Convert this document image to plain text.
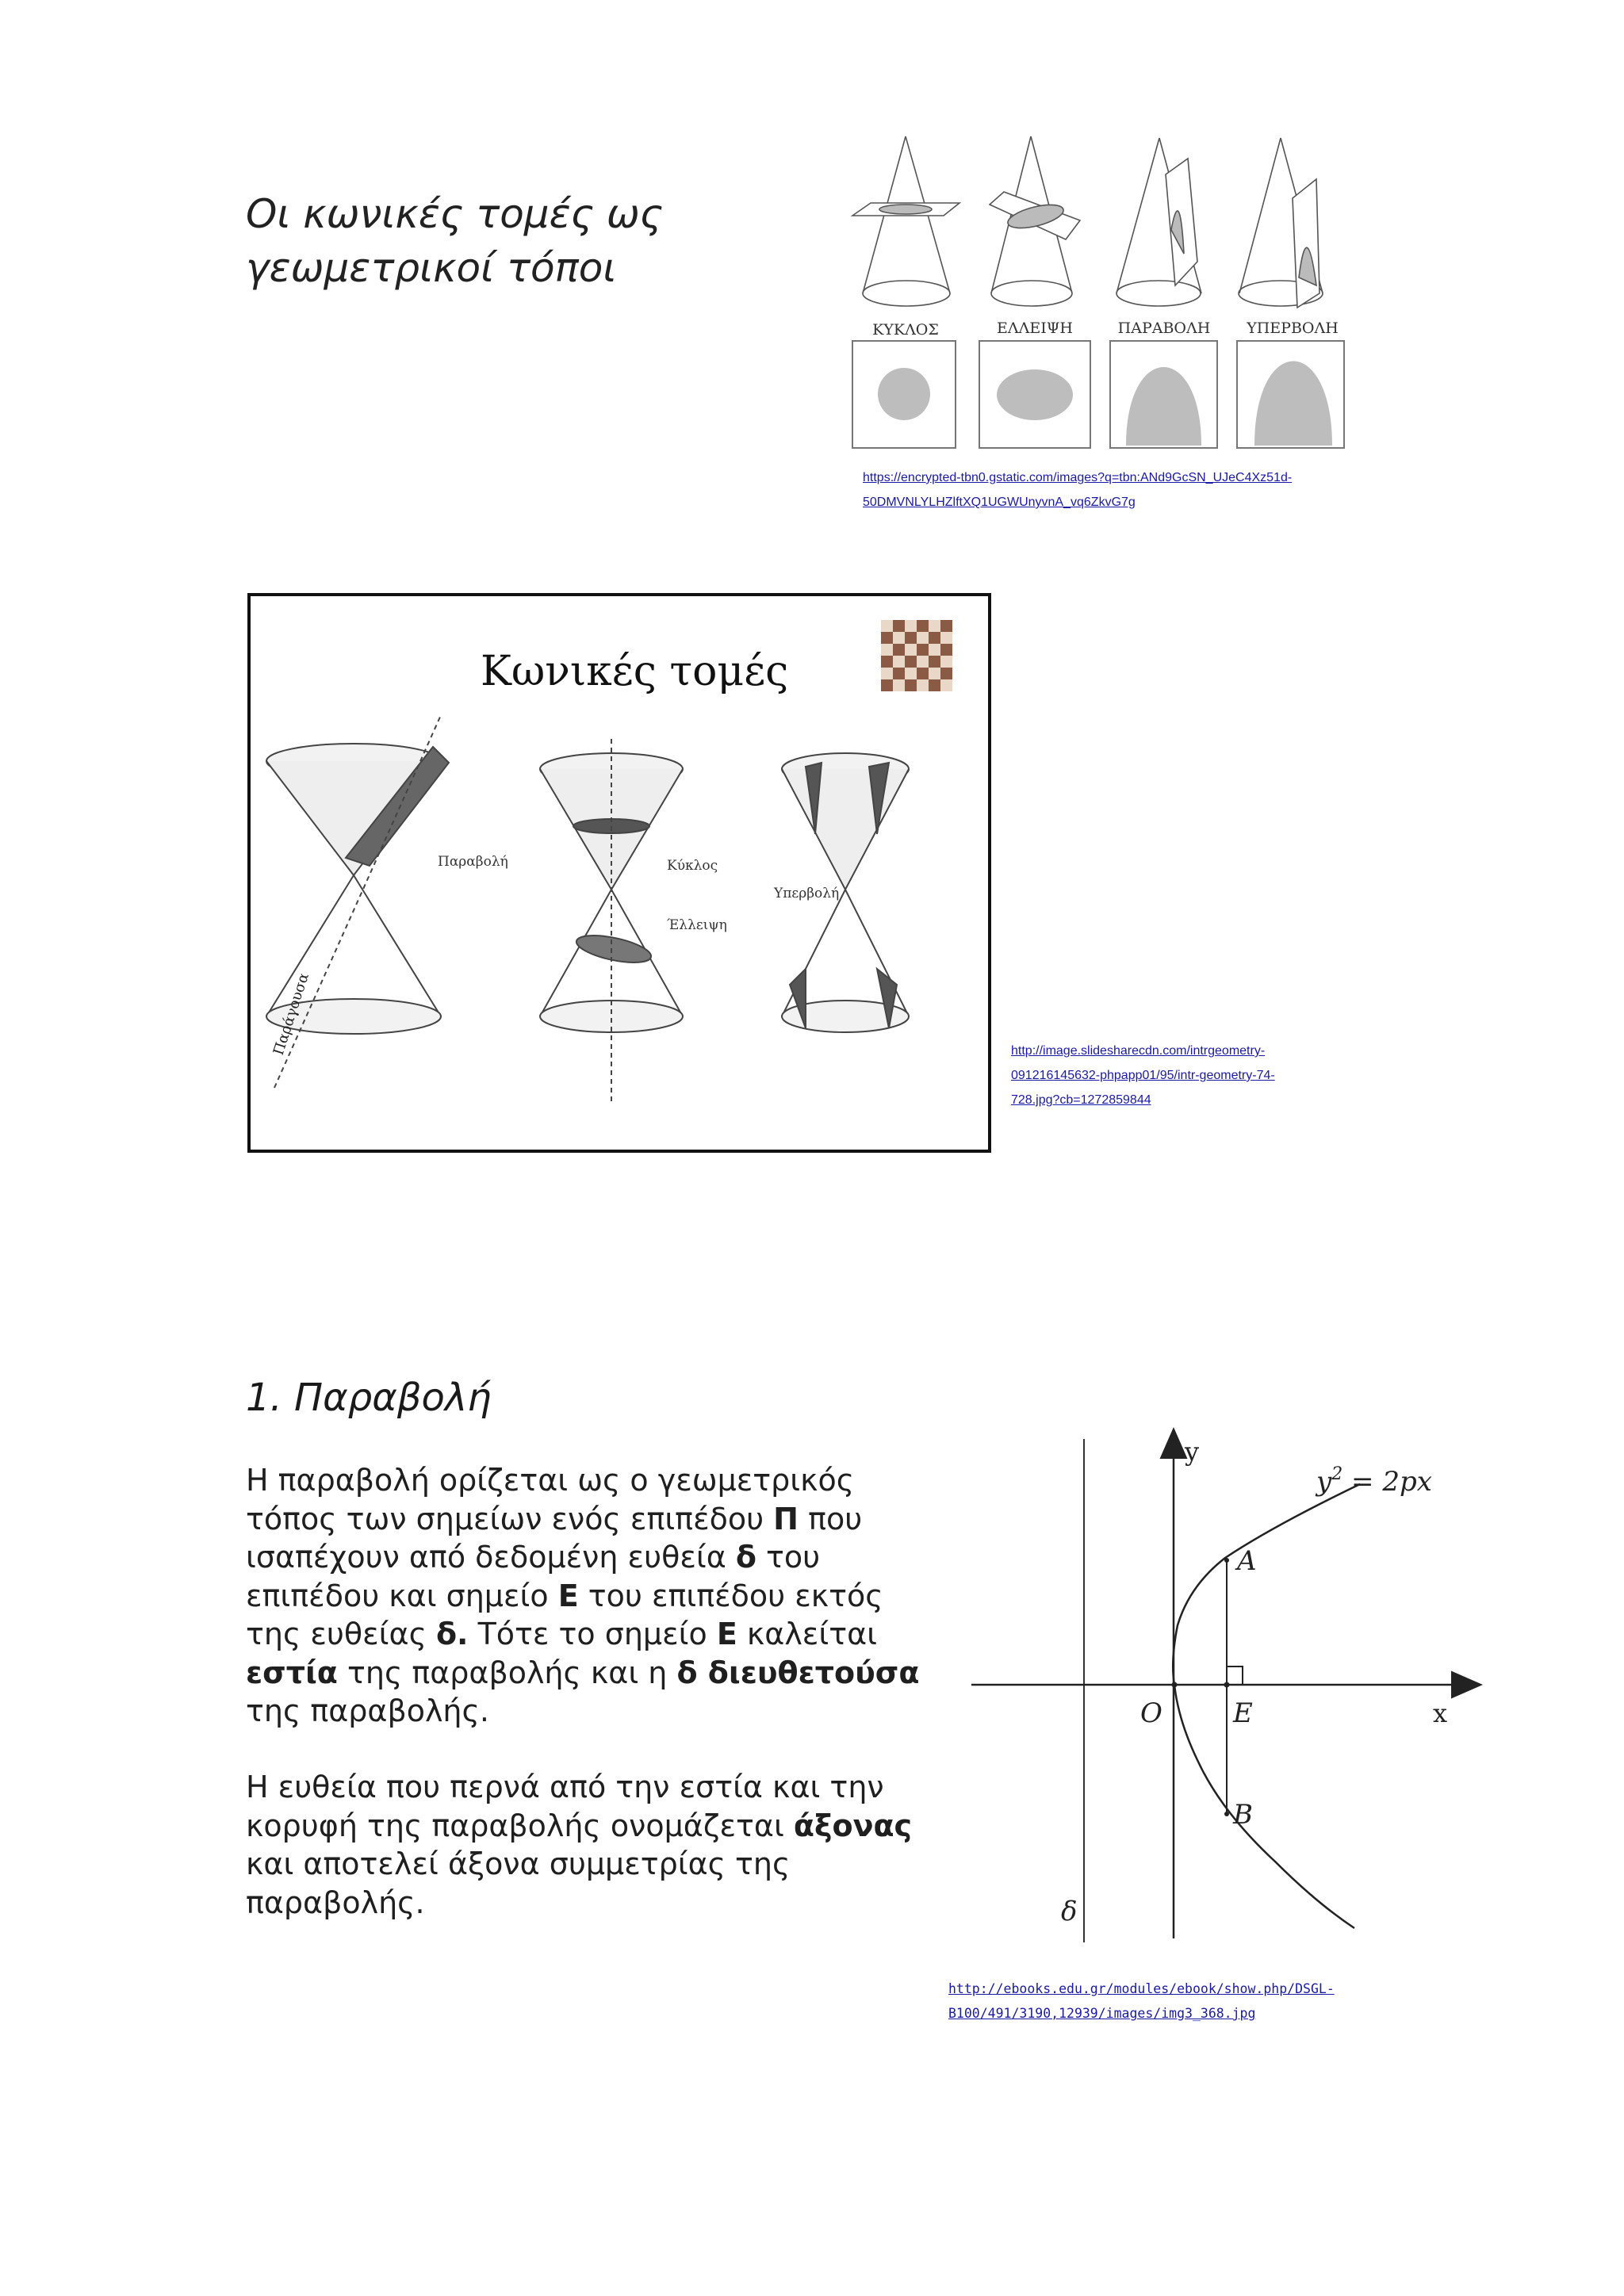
Οι κωνικές τομές ως
γεωμετρικοί τόποι
ΚΥΚΛΟΣ	ΕΛΛΕΙΨΗ	ΠΑΡΑΒΟΛΗ ΥΠΕΡΒΟΛΗ
https://encrypted-tbn0.gstatic.com/images?q=tbn:ANd9GcSN_UJeC4Xz51d-
50DMVNLYLHZlftXQ1UGWUnyvnA_vq6ZkvG7g
Κωνικές τομές
Παραβολή
Παράγουσα
Κύκλος
Έλλειψη
Υπερβολή
http://image.slidesharecdn.com/intrgeometry-
091216145632-phpapp01/95/intr-geometry-74-
728.jpg?cb=1272859844
1. Παραβολή
Η παραβολή ορίζεται ως ο γεωμετρικός τόπος των σημείων ενός επιπέδου Π που ισαπέχουν από δεδομένη ευθεία δ του επιπέδου και σημείο Ε του επιπέδου εκτός της ευθείας δ. Τότε το σημείο Ε καλείται εστία της παραβολής και η δ διευθετούσα της παραβολής.
Η ευθεία που περνά από την εστία και την κορυφή της παραβολής ονομάζεται άξονας και αποτελεί άξονα συμμετρίας της παραβολής.
$y^2 = 2px$
A
E
O
B
δ
y
x
http://ebooks.edu.gr/modules/ebook/show.php/DSGL-
B100/491/3190,12939/images/img3_368.jpg
